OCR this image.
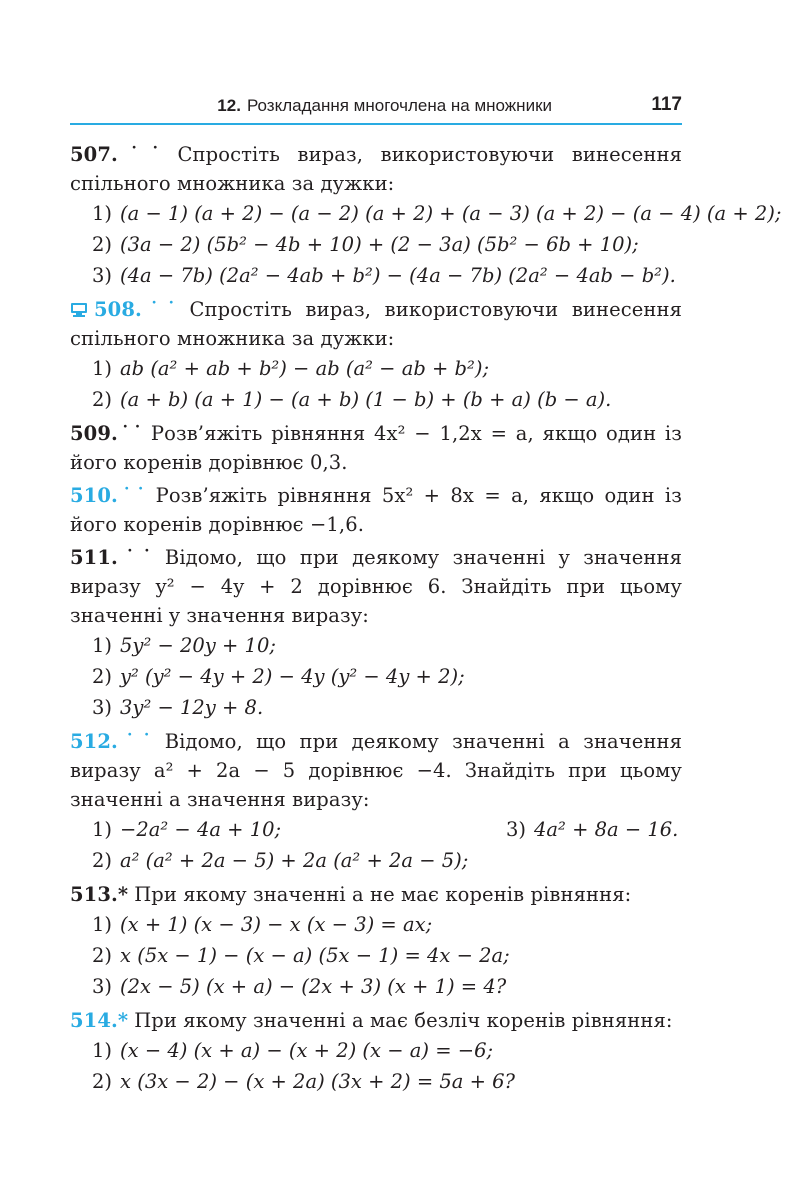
12. Розкладання многочлена на множники	117
507.˙˙ Спростіть вираз, використовуючи винесення спільного множника за дужки:
1) (a − 1) (a + 2) − (a − 2) (a + 2) + (a − 3) (a + 2) − (a − 4) (a + 2);
2) (3a − 2) (5b² − 4b + 10) + (2 − 3a) (5b² − 6b + 10);
3) (4a − 7b) (2a² − 4ab + b²) − (4a − 7b) (2a² − 4ab − b²).
508.˙˙ Спростіть вираз, використовуючи винесення спільного множника за дужки:
1) ab (a² + ab + b²) − ab (a² − ab + b²);
2) (a + b) (a + 1) − (a + b) (1 − b) + (b + a) (b − a).
509.˙˙ Розв’яжіть рівняння 4x² − 1,2x = a, якщо один із його коренів дорівнює 0,3.
510.˙˙ Розв’яжіть рівняння 5x² + 8x = a, якщо один із його коренів дорівнює −1,6.
511.˙˙ Відомо, що при деякому значенні y значення виразу y² − 4y + 2 дорівнює 6. Знайдіть при цьому значенні y значення виразу:
1) 5y² − 20y + 10;
2) y² (y² − 4y + 2) − 4y (y² − 4y + 2);
3) 3y² − 12y + 8.
512.˙˙ Відомо, що при деякому значенні a значення виразу a² + 2a − 5 дорівнює −4. Знайдіть при цьому значенні a значення виразу:
1) −2a² − 4a + 10;	3) 4a² + 8a − 16.
2) a² (a² + 2a − 5) + 2a (a² + 2a − 5);
513.* При якому значенні a не має коренів рівняння:
1) (x + 1) (x − 3) − x (x − 3) = ax;
2) x (5x − 1) − (x − a) (5x − 1) = 4x − 2a;
3) (2x − 5) (x + a) − (2x + 3) (x + 1) = 4?
514.* При якому значенні a має безліч коренів рівняння:
1) (x − 4) (x + a) − (x + 2) (x − a) = −6;
2) x (3x − 2) − (x + 2a) (3x + 2) = 5a + 6?
